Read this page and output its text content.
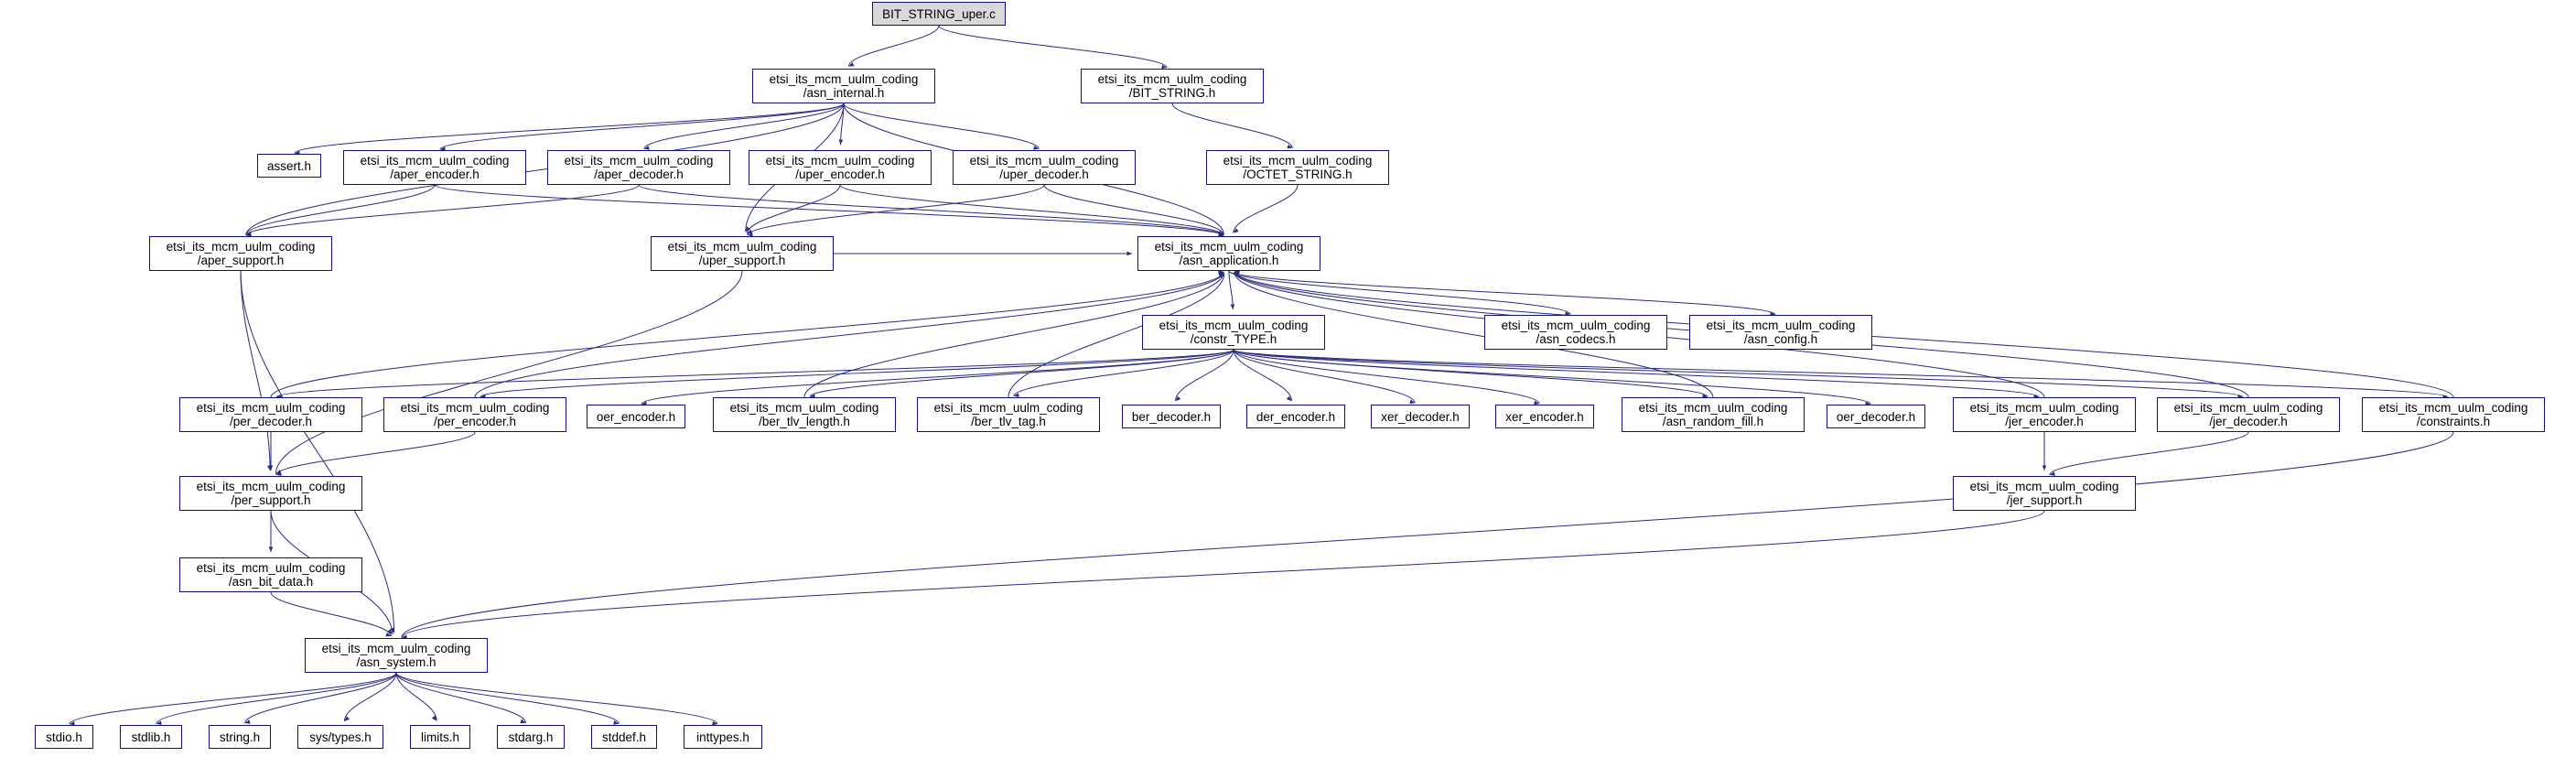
BIT_STRING_uper.c
etsi_its_mcm_uulm_coding
/asn_internal.h
etsi_its_mcm_uulm_coding
/BIT_STRING.h
assert.h	etsi_its_mcm_uulm_coding
/aper_encoder.h
etsi_its_mcm_uulm_coding
/aper_decoder.h
etsi_its_mcm_uulm_coding
/uper_encoder.h
etsi_its_mcm_uulm_coding
/uper_decoder.h
etsi_its_mcm_uulm_coding
/OCTET_STRING.h
etsi_its_mcm_uulm_coding
/aper_support.h
etsi_its_mcm_uulm_coding
/uper_support.h
etsi_its_mcm_uulm_coding
/asn_application.h
etsi_its_mcm_uulm_coding
/constr_TYPE.h
etsi_its_mcm_uulm_coding
/asn_codecs.h
etsi_its_mcm_uulm_coding
/asn_config.h
etsi_its_mcm_uulm_coding
/per_decoder.h
etsi_its_mcm_uulm_coding
/per_encoder.h	oer_encoder.h
etsi_its_mcm_uulm_coding
/ber_tlv_length.h
etsi_its_mcm_uulm_coding
/ber_tlv_tag.h	ber_decoder.h	der_encoder.h	xer_decoder.h	xer_encoder.h
etsi_its_mcm_uulm_coding
/asn_random_fill.h	oer_decoder.h
etsi_its_mcm_uulm_coding
/jer_encoder.h
etsi_its_mcm_uulm_coding
/jer_decoder.h
etsi_its_mcm_uulm_coding
/constraints.h
etsi_its_mcm_uulm_coding
/per_support.h
etsi_its_mcm_uulm_coding
/jer_support.h
etsi_its_mcm_uulm_coding
/asn_bit_data.h
etsi_its_mcm_uulm_coding
/asn_system.h
stdio.h	stdlib.h	string.h	sys/types.h	limits.h	stdarg.h	stddef.h	inttypes.h
